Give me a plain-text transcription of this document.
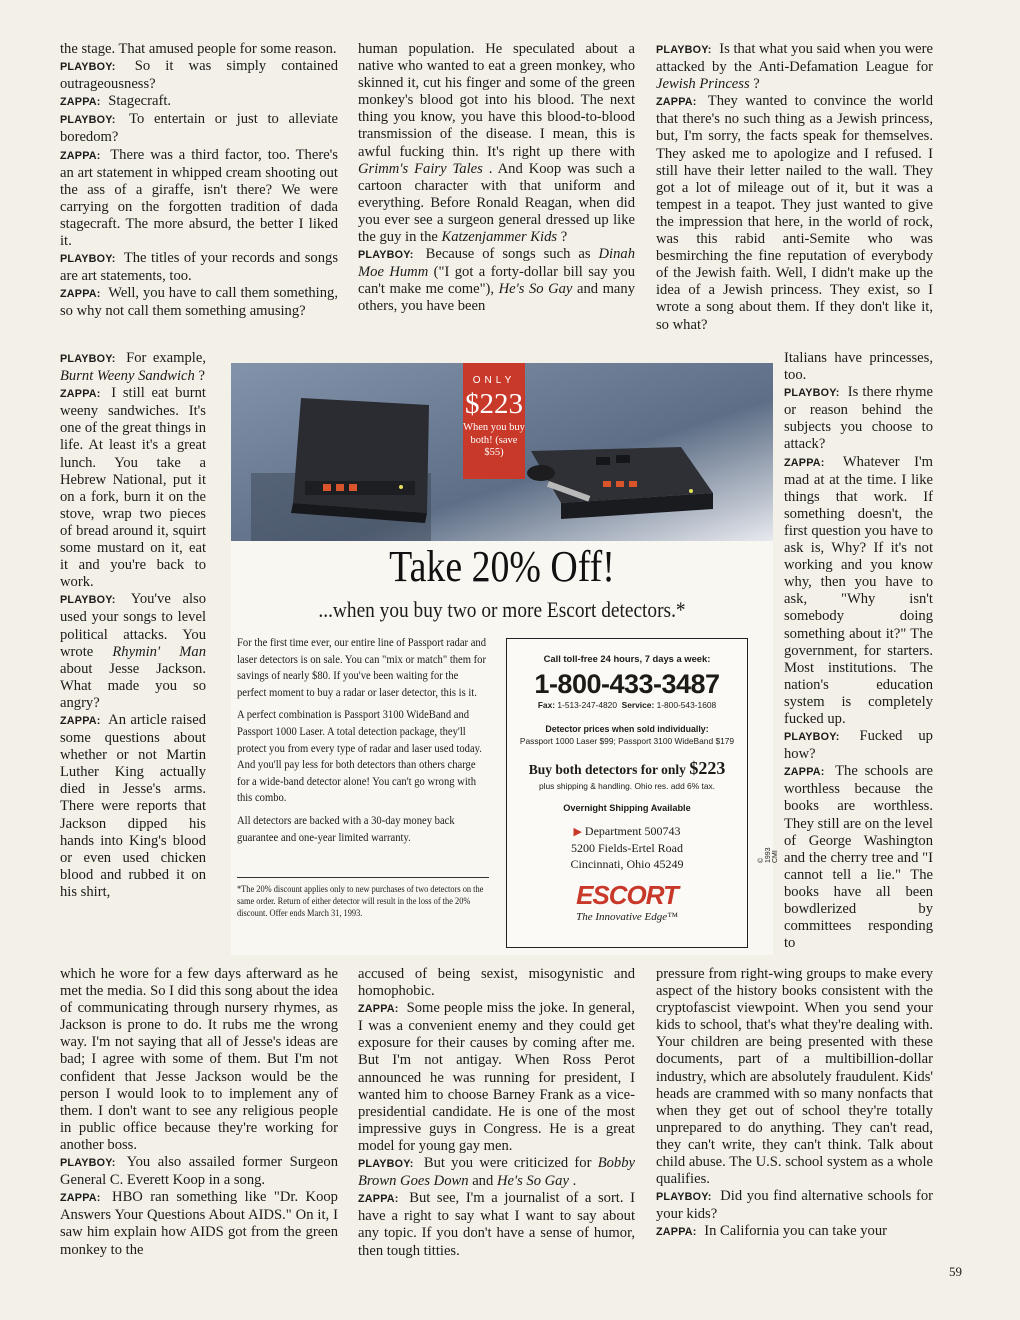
the stage. That amused people for some reason.

PLAYBOY: So it was simply contained outrageousness?

ZAPPA: Stagecraft.

PLAYBOY: To entertain or just to alleviate boredom?

ZAPPA: There was a third factor, too. There's an art statement in whipped cream shooting out the ass of a giraffe, isn't there? We were carrying on the forgotten tradition of dada stagecraft. The more absurd, the better I liked it.

PLAYBOY: The titles of your records and songs are art statements, too.

ZAPPA: Well, you have to call them something, so why not call them something amusing?

PLAYBOY: For example, Burnt Weeny Sandwich ?

ZAPPA: I still eat burnt weeny sandwiches. It's one of the great things in life. At least it's a great lunch. You take a Hebrew National, put it on a fork, burn it on the stove, wrap two pieces of bread around it, squirt some mustard on it, eat it and you're back to work.

PLAYBOY: You've also used your songs to level political attacks. You wrote Rhymin' Man about Jesse Jackson. What made you so angry?

ZAPPA: An article raised some questions about whether or not Martin Luther King actually died in Jesse's arms. There were reports that Jackson dipped his hands into King's blood or even used chicken blood and rubbed it on his shirt,

which he wore for a few days afterward as he met the media. So I did this song about the idea of communicating through nursery rhymes, as Jackson is prone to do. It rubs me the wrong way. I'm not saying that all of Jesse's ideas are bad; I agree with some of them. But I'm not confident that Jesse Jackson would be the person I would look to to implement any of them. I don't want to see any religious people in public office because they're working for another boss.

PLAYBOY: You also assailed former Surgeon General C. Everett Koop in a song.

ZAPPA: HBO ran something like "Dr. Koop Answers Your Questions About AIDS." On it, I saw him explain how AIDS got from the green monkey to the

human population. He speculated about a native who wanted to eat a green monkey, who skinned it, cut his finger and some of the green monkey's blood got into his blood. The next thing you know, you have this blood-to-blood transmission of the disease. I mean, this is awful fucking thin. It's right up there with Grimm's Fairy Tales . And Koop was such a cartoon character with that uniform and everything. Before Ronald Reagan, when did you ever see a surgeon general dressed up like the guy in the Katzenjammer Kids ?

PLAYBOY: Because of songs such as Dinah Moe Humm ("I got a forty-dollar bill say you can't make me come"), He's So Gay and many others, you have been

accused of being sexist, misogynistic and homophobic.

ZAPPA: Some people miss the joke. In general, I was a convenient enemy and they could get exposure for their causes by coming after me. But I'm not antigay. When Ross Perot announced he was running for president, I wanted him to choose Barney Frank as a vice-presidential candidate. He is one of the most impressive guys in Congress. He is a great model for young gay men.

PLAYBOY: But you were criticized for Bobby Brown Goes Down and He's So Gay .

ZAPPA: But see, I'm a journalist of a sort. I have a right to say what I want to say about any topic. If you don't have a sense of humor, then tough titties.

PLAYBOY: Is that what you said when you were attacked by the Anti-Defamation League for Jewish Princess ?

ZAPPA: They wanted to convince the world that there's no such thing as a Jewish princess, but, I'm sorry, the facts speak for themselves. They asked me to apologize and I refused. I still have their letter nailed to the wall. They got a lot of mileage out of it, but it was a tempest in a teapot. They just wanted to give the impression that here, in the world of rock, was this rabid anti-Semite who was besmirching the fine reputation of everybody of the Jewish faith. Well, I didn't make up the idea of a Jewish princess. They exist, so I wrote a song about them. If they don't like it, so what?

Italians have princesses, too.

PLAYBOY: Is there rhyme or reason behind the subjects you choose to attack?

ZAPPA: Whatever I'm mad at at the time. I like things that work. If something doesn't, the first question you have to ask is, Why? If it's not working and you know why, then you have to ask, "Why isn't somebody doing something about it?" The government, for starters. Most institutions. The nation's education system is completely fucked up.

PLAYBOY: Fucked up how?

ZAPPA: The schools are worthless because the books are worthless. They still are on the level of George Washington and the cherry tree and "I cannot tell a lie." The books have all been bowdlerized by committees responding to

pressure from right-wing groups to make every aspect of the history books consistent with the cryptofascist viewpoint. When you send your kids to school, that's what they're dealing with. Your children are being presented with these documents, part of a multibillion-dollar industry, which are absolutely fraudulent. Kids' heads are crammed with so many nonfacts that when they get out of school they're totally unprepared to do anything. They can't read, they can't write, they can't think. Talk about child abuse. The U.S. school system as a whole qualifies.

PLAYBOY: Did you find alternative schools for your kids?

ZAPPA: In California you can take your

ONLY
$223
When you buy both! (save $55)
Take 20% Off!
...when you buy two or more Escort detectors.*

For the first time ever, our entire line of Passport radar and laser detectors is on sale. You can "mix or match" them for savings of nearly $80. If you've been waiting for the perfect moment to buy a radar or laser detector, this is it.

A perfect combination is Passport 3100 WideBand and Passport 1000 Laser. A total detection package, they'll protect you from every type of radar and laser used today. And you'll pay less for both detectors than others charge for a wide-band detector alone! You can't go wrong with this combo.

All detectors are backed with a 30-day money back guarantee and one-year limited warranty.

*The 20% discount applies only to new purchases of two detectors on the same order. Return of either detector will result in the loss of the 20% discount. Offer ends March 31, 1993.
Call toll-free 24 hours, 7 days a week:
1-800-433-3487
Fax: 1-513-247-4820 Service: 1-800-543-1608
Detector prices when sold individually:
Passport 1000 Laser $99; Passport 3100 WideBand $179
Buy both detectors for only $223
plus shipping & handling. Ohio res. add 6% tax.
Overnight Shipping Available
▶ Department 500743
5200 Fields-Ertel Road
Cincinnati, Ohio 45249
ESCORT
The Innovative Edge™
© 1993 CMI
59
